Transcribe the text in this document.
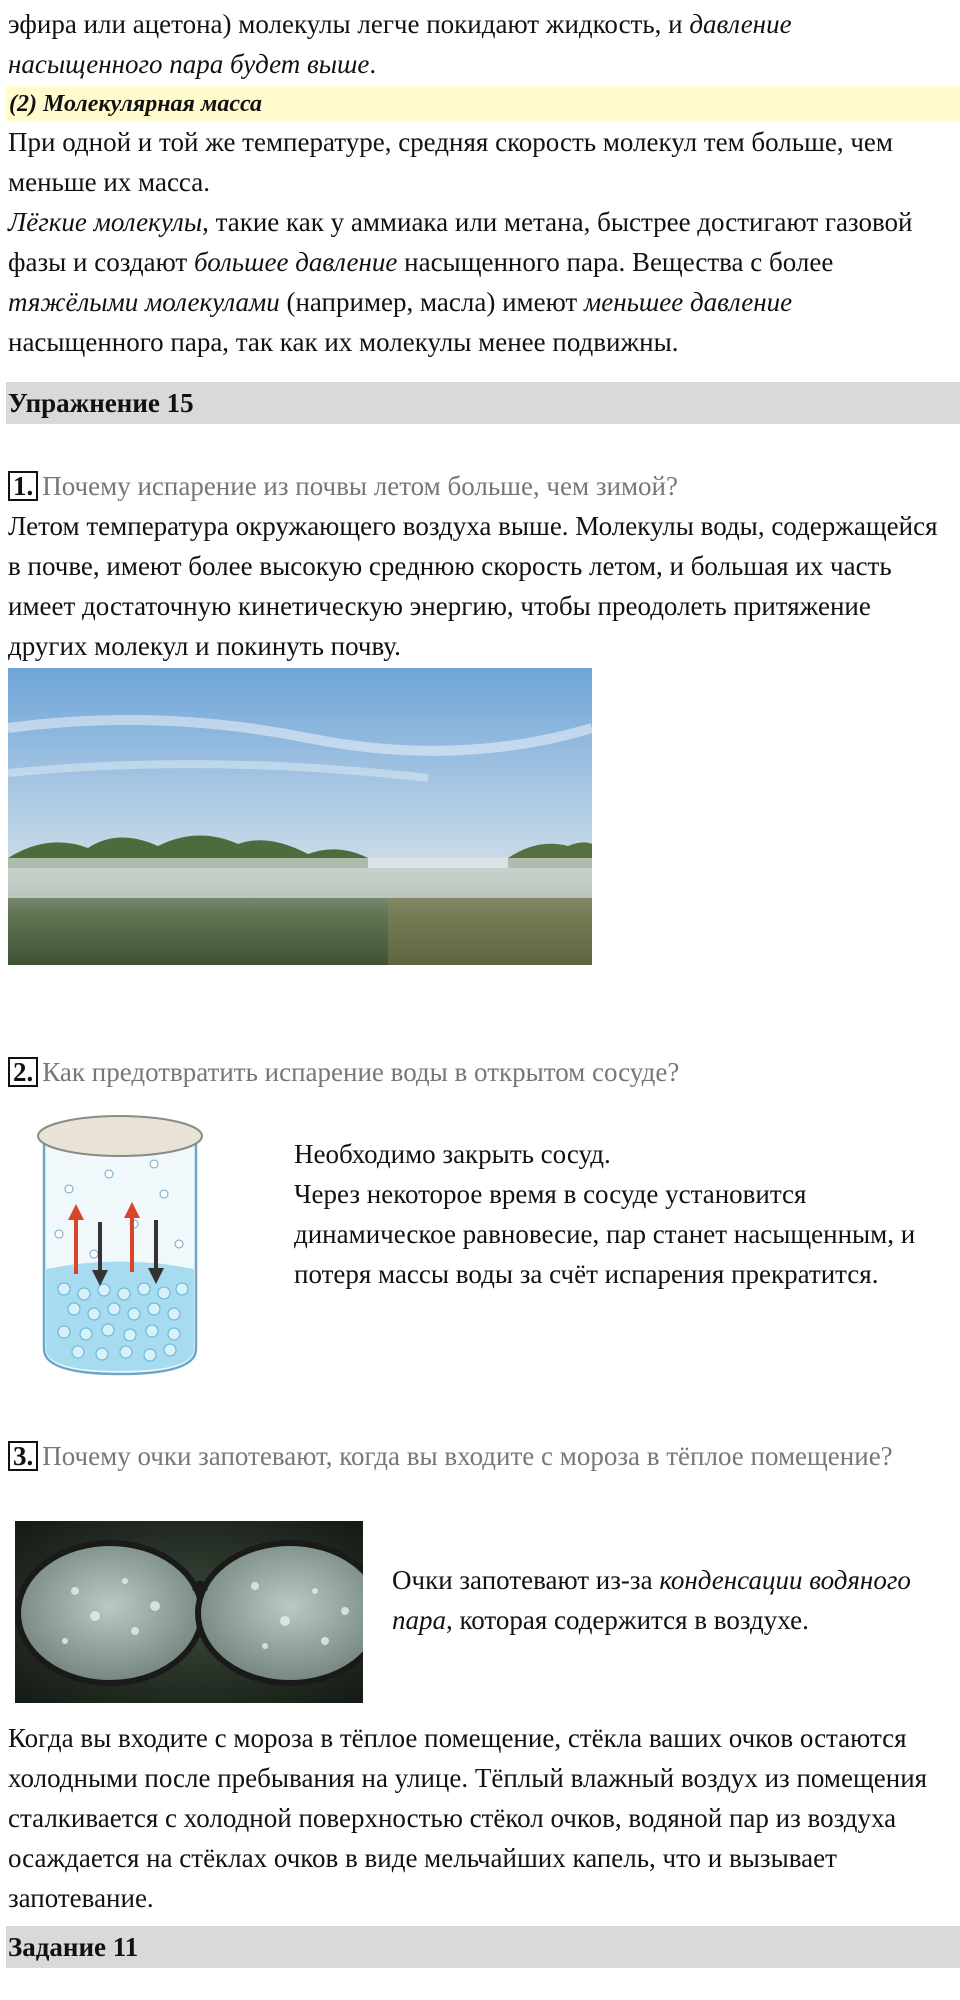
эфира или ацетона) молекулы легче покидают жидкость, и давление
насыщенного пара будет выше.

(2) Молекулярная масса

При одной и той же температуре, средняя скорость молекул тем больше, чем меньше их масса.
Лёгкие молекулы, такие как у аммиака или метана, быстрее достигают газовой фазы и создают большее давление насыщенного пара. Вещества с более тяжёлыми молекулами (например, масла) имеют меньшее давление насыщенного пара, так как их молекулы менее подвижны.

Упражнение 15
1. Почему испарение из почвы летом больше, чем зимой?

Летом температура окружающего воздуха выше. Молекулы воды, содержащейся в почве, имеют более высокую среднюю скорость летом, и большая их часть имеет достаточную кинетическую энергию, чтобы преодолеть притяжение других молекул и покинуть почву.

2. Как предотвратить испарение воды в открытом сосуде?

Необходимо закрыть сосуд.
Через некоторое время в сосуде установится динамическое равновесие, пар станет насыщенным, и потеря массы воды за счёт испарения прекратится.

3. Почему очки запотевают, когда вы входите с мороза в тёплое помещение?

Очки запотевают из-за конденсации водяного пара, которая содержится в воздухе.

Когда вы входите с мороза в тёплое помещение, стёкла ваших очков остаются холодными после пребывания на улице. Тёплый влажный воздух из помещения сталкивается с холодной поверхностью стёкол очков, водяной пар из воздуха осаждается на стёклах очков в виде мельчайших капель, что и вызывает запотевание.

Задание 11
